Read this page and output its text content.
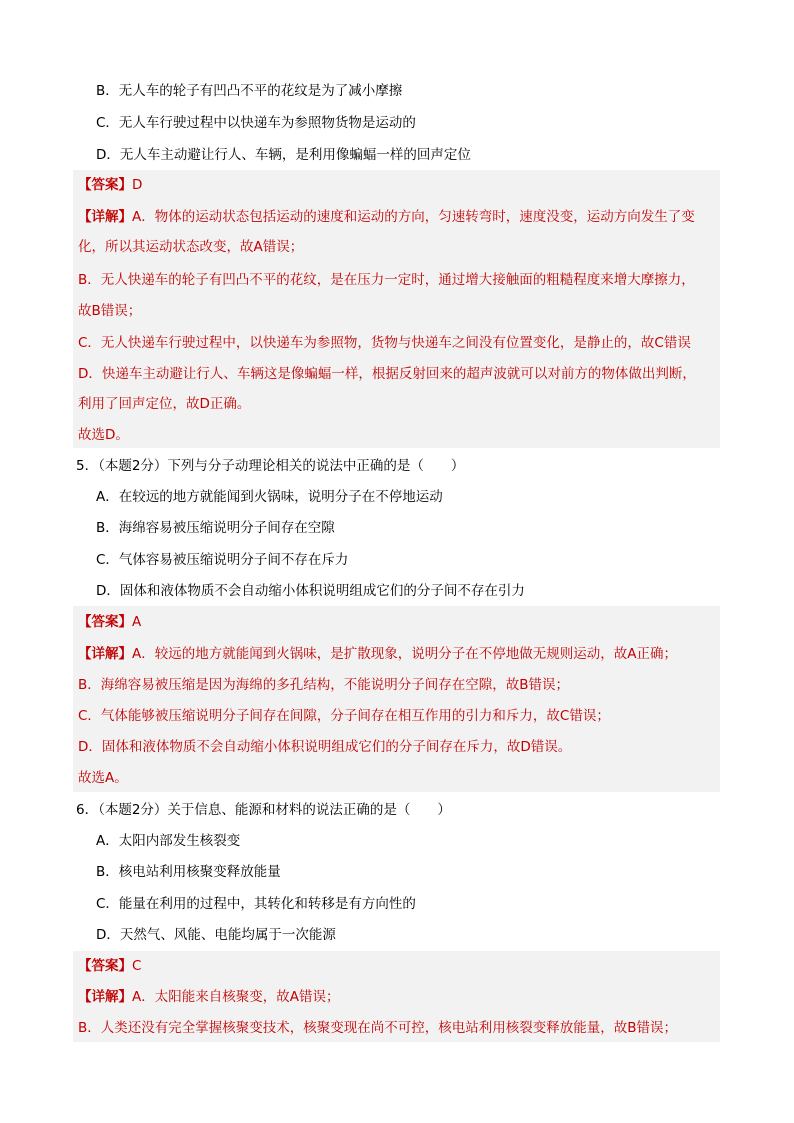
B．无人车的轮子有凹凸不平的花纹是为了减小摩擦
C．无人车行驶过程中以快递车为参照物货物是运动的
D．无人车主动避让行人、车辆，是利用像蝙蝠一样的回声定位
【答案】D
【详解】A．物体的运动状态包括运动的速度和运动的方向，匀速转弯时，速度没变，运动方向发生了变
化，所以其运动状态改变，故A错误；
B．无人快递车的轮子有凹凸不平的花纹，是在压力一定时，通过增大接触面的粗糙程度来增大摩擦力，
故B错误；
C．无人快递车行驶过程中，以快递车为参照物，货物与快递车之间没有位置变化，是静止的，故C错误
D．快递车主动避让行人、车辆这是像蝙蝠一样，根据反射回来的超声波就可以对前方的物体做出判断，
利用了回声定位，故D正确。
故选D。
5．（本题2分）下列与分子动理论相关的说法中正确的是（　　）
A．在较远的地方就能闻到火锅味，说明分子在不停地运动
B．海绵容易被压缩说明分子间存在空隙
C．气体容易被压缩说明分子间不存在斥力
D．固体和液体物质不会自动缩小体积说明组成它们的分子间不存在引力
【答案】A
【详解】A．较远的地方就能闻到火锅味，是扩散现象，说明分子在不停地做无规则运动，故A正确；
B．海绵容易被压缩是因为海绵的多孔结构，不能说明分子间存在空隙，故B错误；
C．气体能够被压缩说明分子间存在间隙，分子间存在相互作用的引力和斥力，故C错误；
D．固体和液体物质不会自动缩小体积说明组成它们的分子间存在斥力，故D错误。
故选A。
6．（本题2分）关于信息、能源和材料的说法正确的是（　　）
A．太阳内部发生核裂变
B．核电站利用核聚变释放能量
C．能量在利用的过程中，其转化和转移是有方向性的
D．天然气、风能、电能均属于一次能源
【答案】C
【详解】A．太阳能来自核聚变，故A错误；
B．人类还没有完全掌握核聚变技术，核聚变现在尚不可控，核电站利用核裂变释放能量，故B错误；
